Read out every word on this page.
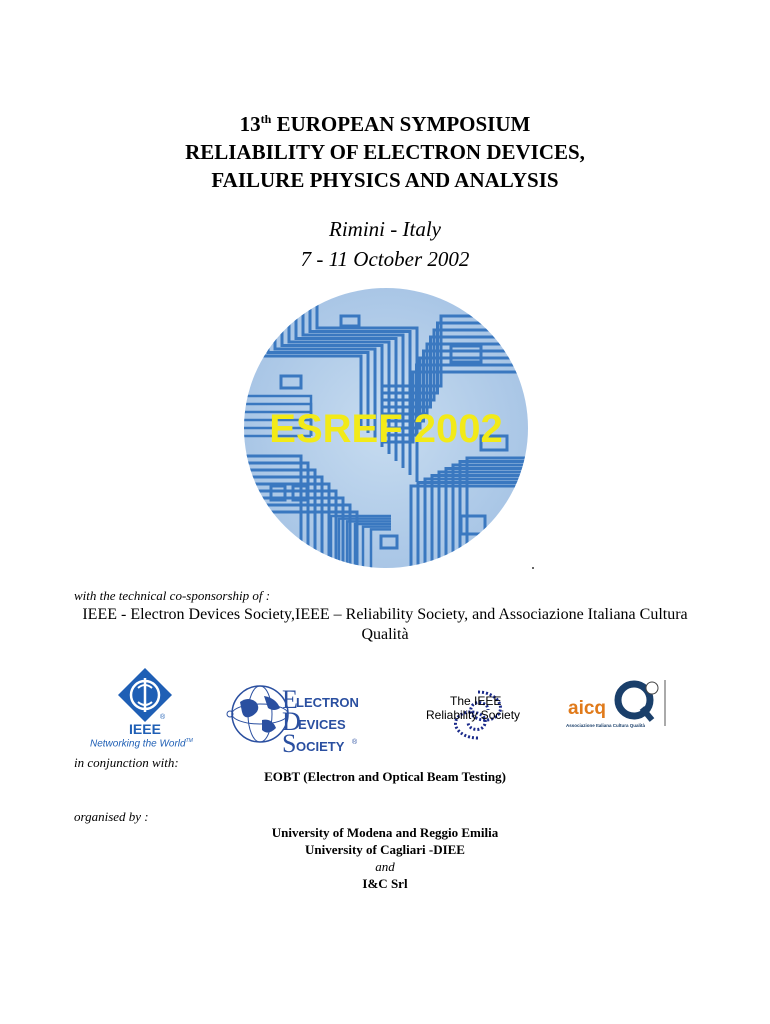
13th EUROPEAN SYMPOSIUM
RELIABILITY OF ELECTRON DEVICES,
FAILURE PHYSICS AND ANALYSIS
Rimini - Italy
7 - 11 October 2002
ESREF 2002
with the technical co-sponsorship of :
IEEE - Electron Devices Society,IEEE – Reliability Society, and Associazione Italiana Cultura Qualità
IEEE
®
Networking the World™
E
LECTRON
D
EVICES
S OCIETY ®
The IEEE
Reliability Society	aicq
Associazione Italiana Cultura Qualità
in conjunction with:
EOBT (Electron and Optical Beam Testing)
organised by :
University of Modena and Reggio Emilia
University of Cagliari -DIEE
and
I&C Srl
